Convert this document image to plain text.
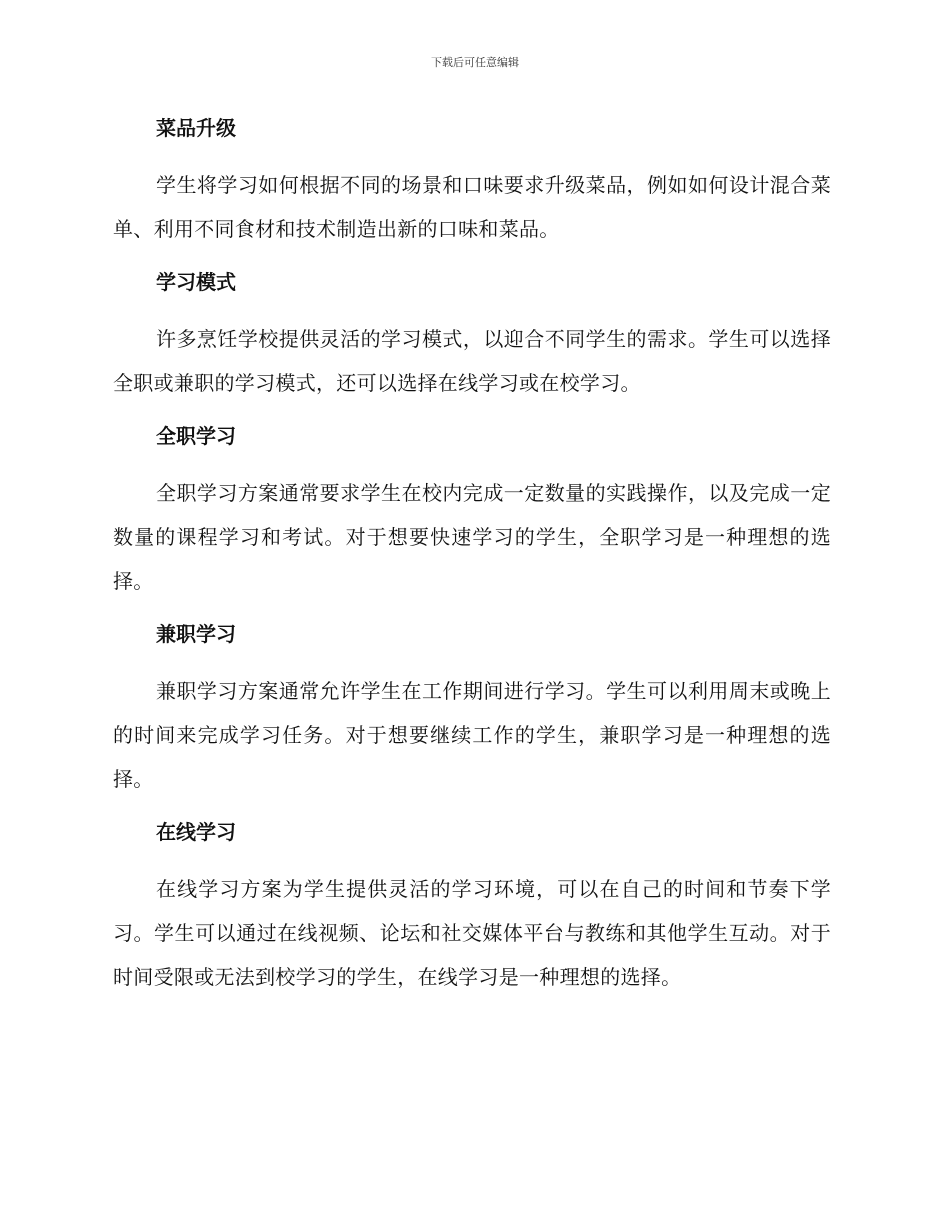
下载后可任意编辑
菜品升级

学生将学习如何根据不同的场景和口味要求升级菜品，例如如何设计混合菜单、利用不同食材和技术制造出新的口味和菜品。

学习模式

许多烹饪学校提供灵活的学习模式，以迎合不同学生的需求。学生可以选择全职或兼职的学习模式，还可以选择在线学习或在校学习。

全职学习

全职学习方案通常要求学生在校内完成一定数量的实践操作，以及完成一定数量的课程学习和考试。对于想要快速学习的学生，全职学习是一种理想的选择。

兼职学习

兼职学习方案通常允许学生在工作期间进行学习。学生可以利用周末或晚上的时间来完成学习任务。对于想要继续工作的学生，兼职学习是一种理想的选择。

在线学习

在线学习方案为学生提供灵活的学习环境，可以在自己的时间和节奏下学习。学生可以通过在线视频、论坛和社交媒体平台与教练和其他学生互动。对于时间受限或无法到校学习的学生，在线学习是一种理想的选择。
